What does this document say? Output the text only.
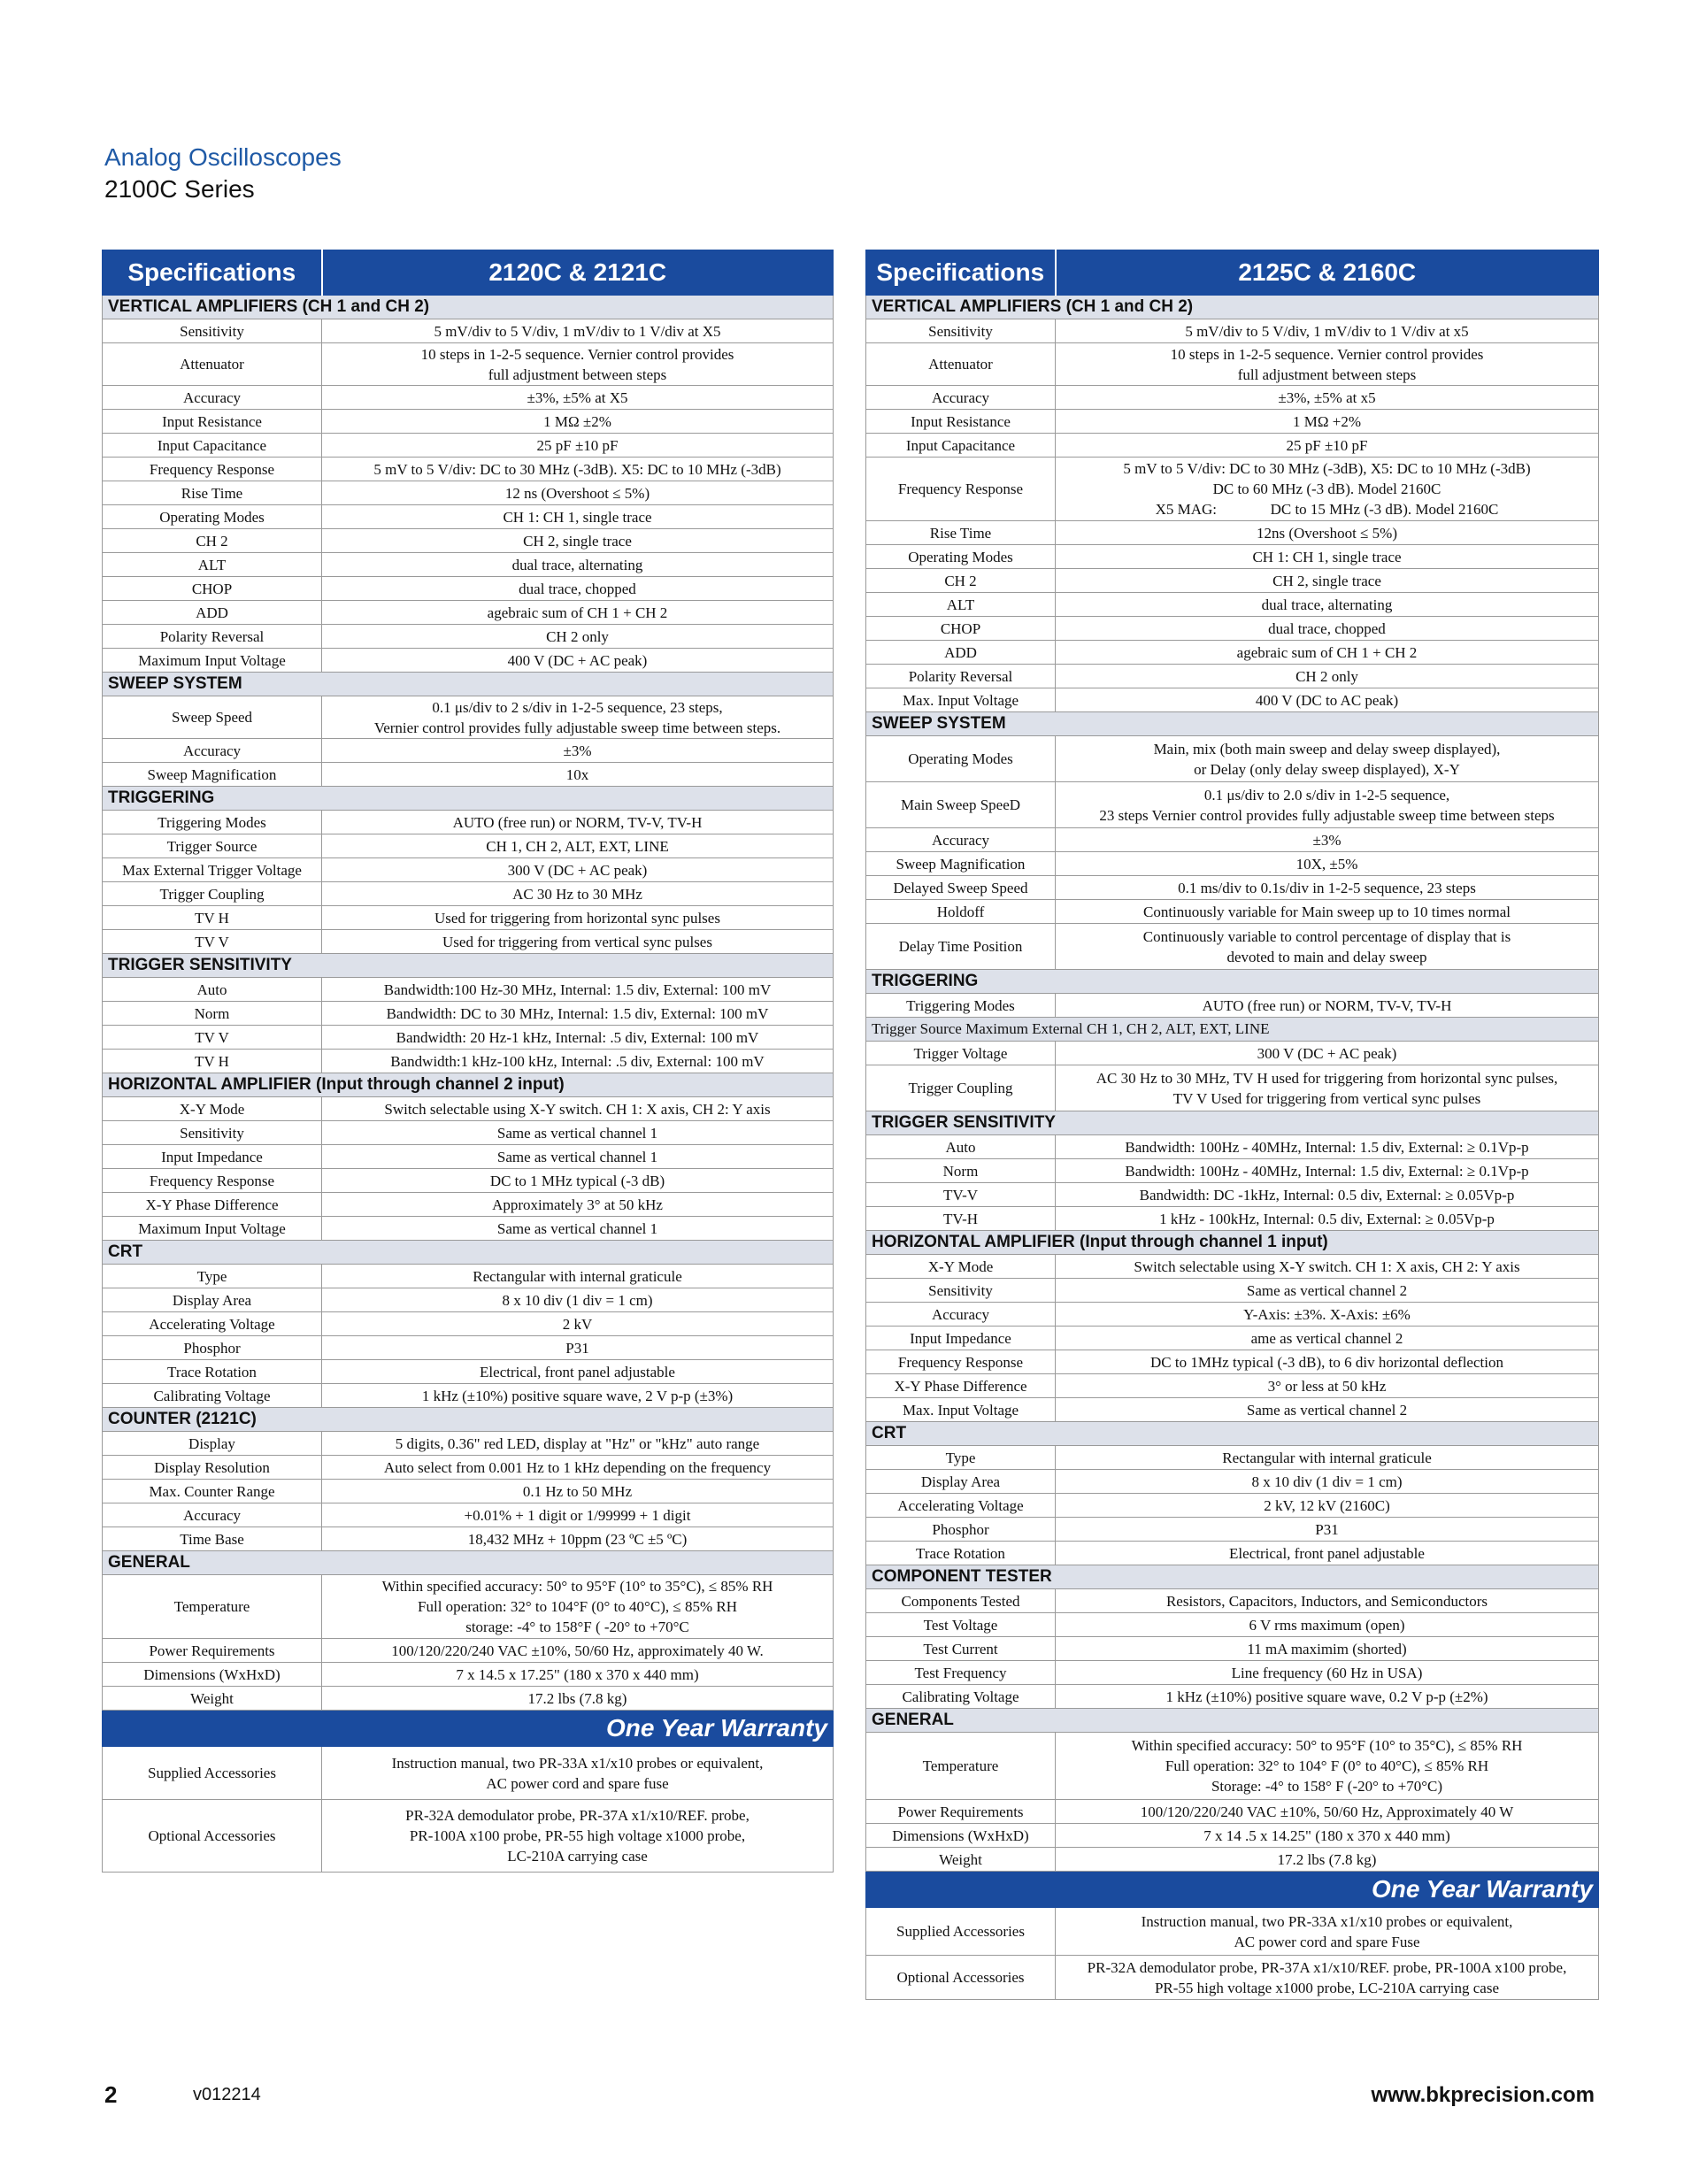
Analog Oscilloscopes
2100C Series
Specifications	2120C & 2121C
VERTICAL AMPLIFIERS (CH 1 and CH 2)	
Sensitivity	5 mV/div to 5 V/div, 1 mV/div to 1 V/div at X5

Attenuator	10 steps in 1-2-5 sequence. Vernier control provides
full adjustment between steps

Accuracy	±3%, ±5% at X5

Input Resistance	1 MΩ ±2%

Input Capacitance	25 pF ±10 pF

Frequency Response	5 mV to 5 V/div: DC to 30 MHz (-3dB). X5: DC to 10 MHz (-3dB)

Rise Time	12 ns (Overshoot ≤ 5%)

Operating Modes	CH 1: CH 1, single trace

CH 2	CH 2, single trace

ALT	dual trace, alternating

CHOP	dual trace, chopped

ADD	agebraic sum of CH 1 + CH 2

Polarity Reversal	CH 2 only

Maximum Input Voltage	400 V (DC + AC peak)

SWEEP SYSTEM	
Sweep Speed	0.1 μs/div to 2 s/div in 1-2-5 sequence, 23 steps,
Vernier control provides fully adjustable sweep time between steps.

Accuracy	±3%

Sweep Magnification	10x

TRIGGERING	
Triggering Modes	AUTO (free run) or NORM, TV-V, TV-H

Trigger Source	CH 1, CH 2, ALT, EXT, LINE

Max External Trigger Voltage	300 V (DC + AC peak)

Trigger Coupling	AC 30 Hz to 30 MHz

TV H	Used for triggering from horizontal sync pulses

TV V	Used for triggering from vertical sync pulses

TRIGGER SENSITIVITY	
Auto	Bandwidth:100 Hz-30 MHz, Internal: 1.5 div, External: 100 mV

Norm	Bandwidth: DC to 30 MHz, Internal: 1.5 div, External: 100 mV

TV V	Bandwidth: 20 Hz-1 kHz, Internal: .5 div, External: 100 mV

TV H	Bandwidth:1 kHz-100 kHz, Internal: .5 div, External: 100 mV

HORIZONTAL AMPLIFIER (Input through channel 2 input)	
X-Y Mode	Switch selectable using X-Y switch. CH 1: X axis, CH 2: Y axis

Sensitivity	Same as vertical channel 1

Input Impedance	Same as vertical channel 1

Frequency Response	DC to 1 MHz typical (-3 dB)

X-Y Phase Difference	Approximately 3° at 50 kHz

Maximum Input Voltage	Same as vertical channel 1

CRT	
Type	Rectangular with internal graticule

Display Area	8 x 10 div (1 div = 1 cm)

Accelerating Voltage	2 kV

Phosphor	P31

Trace Rotation	Electrical, front panel adjustable

Calibrating Voltage	1 kHz (±10%) positive square wave, 2 V p-p (±3%)

COUNTER (2121C)	
Display	5 digits, 0.36" red LED, display at "Hz" or "kHz" auto range

Display Resolution	Auto select from 0.001 Hz to 1 kHz depending on the frequency

Max. Counter Range	0.1 Hz to 50 MHz

Accuracy	+0.01% + 1 digit or 1/99999 + 1 digit

Time Base	18,432 MHz + 10ppm (23 ºC ±5 ºC)

GENERAL	
Temperature	Within specified accuracy: 50° to 95°F (10° to 35°C), ≤ 85% RH
Full operation: 32° to 104°F (0° to 40°C), ≤ 85% RH
storage: -4° to 158°F ( -20° to +70°C

Power Requirements	100/120/220/240 VAC ±10%, 50/60 Hz, approximately 40 W.

Dimensions (WxHxD)	7 x 14.5 x 17.25" (180 x 370 x 440 mm)

Weight	17.2 lbs (7.8 kg)

One Year Warranty	
Supplied Accessories	Instruction manual, two PR-33A x1/x10 probes or equivalent,
AC power cord and spare fuse

Optional Accessories	PR-32A demodulator probe, PR-37A x1/x10/REF. probe,
PR-100A x100 probe, PR-55 high voltage x1000 probe,
LC-210A carrying case
Specifications	2125C & 2160C
VERTICAL AMPLIFIERS (CH 1 and CH 2)	
Sensitivity	5 mV/div to 5 V/div, 1 mV/div to 1 V/div at x5

Attenuator	10 steps in 1-2-5 sequence. Vernier control provides
full adjustment between steps

Accuracy	±3%, ±5% at x5

Input Resistance	1 MΩ +2%

Input Capacitance	25 pF ±10 pF

Frequency Response	5 mV to 5 V/div: DC to 30 MHz (-3dB), X5: DC to 10 MHz (-3dB)
DC to 60 MHz (-3 dB). Model 2160C
X5 MAG: DC to 15 MHz (-3 dB). Model 2160C

Rise Time	12ns (Overshoot ≤ 5%)

Operating Modes	CH 1: CH 1, single trace

CH 2	CH 2, single trace

ALT	dual trace, alternating

CHOP	dual trace, chopped

ADD	agebraic sum of CH 1 + CH 2

Polarity Reversal	CH 2 only

Max. Input Voltage	400 V (DC to AC peak)

SWEEP SYSTEM	
Operating Modes	Main, mix (both main sweep and delay sweep displayed),
or Delay (only delay sweep displayed), X-Y

Main Sweep SpeeD	0.1 μs/div to 2.0 s/div in 1-2-5 sequence,
23 steps Vernier control provides fully adjustable sweep time between steps

Accuracy	±3%

Sweep Magnification	10X, ±5%

Delayed Sweep Speed	0.1 ms/div to 0.1s/div in 1-2-5 sequence, 23 steps

Holdoff	Continuously variable for Main sweep up to 10 times normal

Delay Time Position	Continuously variable to control percentage of display that is
devoted to main and delay sweep

TRIGGERING	
Triggering Modes	AUTO (free run) or NORM, TV-V, TV-H

Trigger Source Maximum External CH 1, CH 2, ALT, EXT, LINE	
Trigger Voltage	300 V (DC + AC peak)

Trigger Coupling	AC 30 Hz to 30 MHz, TV H used for triggering from horizontal sync pulses,
TV V Used for triggering from vertical sync pulses

TRIGGER SENSITIVITY	
Auto	Bandwidth: 100Hz - 40MHz, Internal: 1.5 div, External: ≥ 0.1Vp-p

Norm	Bandwidth: 100Hz - 40MHz, Internal: 1.5 div, External: ≥ 0.1Vp-p

TV-V	Bandwidth: DC -1kHz, Internal: 0.5 div, External: ≥ 0.05Vp-p

TV-H	1 kHz - 100kHz, Internal: 0.5 div, External: ≥ 0.05Vp-p

HORIZONTAL AMPLIFIER (Input through channel 1 input)	
X-Y Mode	Switch selectable using X-Y switch. CH 1: X axis, CH 2: Y axis

Sensitivity	Same as vertical channel 2

Accuracy	Y-Axis: ±3%. X-Axis: ±6%

Input Impedance	ame as vertical channel 2

Frequency Response	DC to 1MHz typical (-3 dB), to 6 div horizontal deflection

X-Y Phase Difference	3° or less at 50 kHz

Max. Input Voltage	Same as vertical channel 2

CRT	
Type	Rectangular with internal graticule

Display Area	8 x 10 div (1 div = 1 cm)

Accelerating Voltage	2 kV, 12 kV (2160C)

Phosphor	P31

Trace Rotation	Electrical, front panel adjustable

COMPONENT TESTER	
Components Tested	Resistors, Capacitors, Inductors, and Semiconductors

Test Voltage	6 V rms maximum (open)

Test Current	11 mA maximim (shorted)

Test Frequency	Line frequency (60 Hz in USA)

Calibrating Voltage	1 kHz (±10%) positive square wave, 0.2 V p-p (±2%)

GENERAL	
Temperature	Within specified accuracy: 50° to 95°F (10° to 35°C), ≤ 85% RH
Full operation: 32° to 104° F (0° to 40°C), ≤ 85% RH
Storage: -4° to 158° F (-20° to +70°C)

Power Requirements	100/120/220/240 VAC ±10%, 50/60 Hz, Approximately 40 W

Dimensions (WxHxD)	7 x 14 .5 x 14.25" (180 x 370 x 440 mm)

Weight	17.2 lbs (7.8 kg)

One Year Warranty	
Supplied Accessories	Instruction manual, two PR-33A x1/x10 probes or equivalent,
AC power cord and spare Fuse

Optional Accessories	PR-32A demodulator probe, PR-37A x1/x10/REF. probe, PR-100A x100 probe,
PR-55 high voltage x1000 probe, LC-210A carrying case
2	v012214	www.bkprecision.com
